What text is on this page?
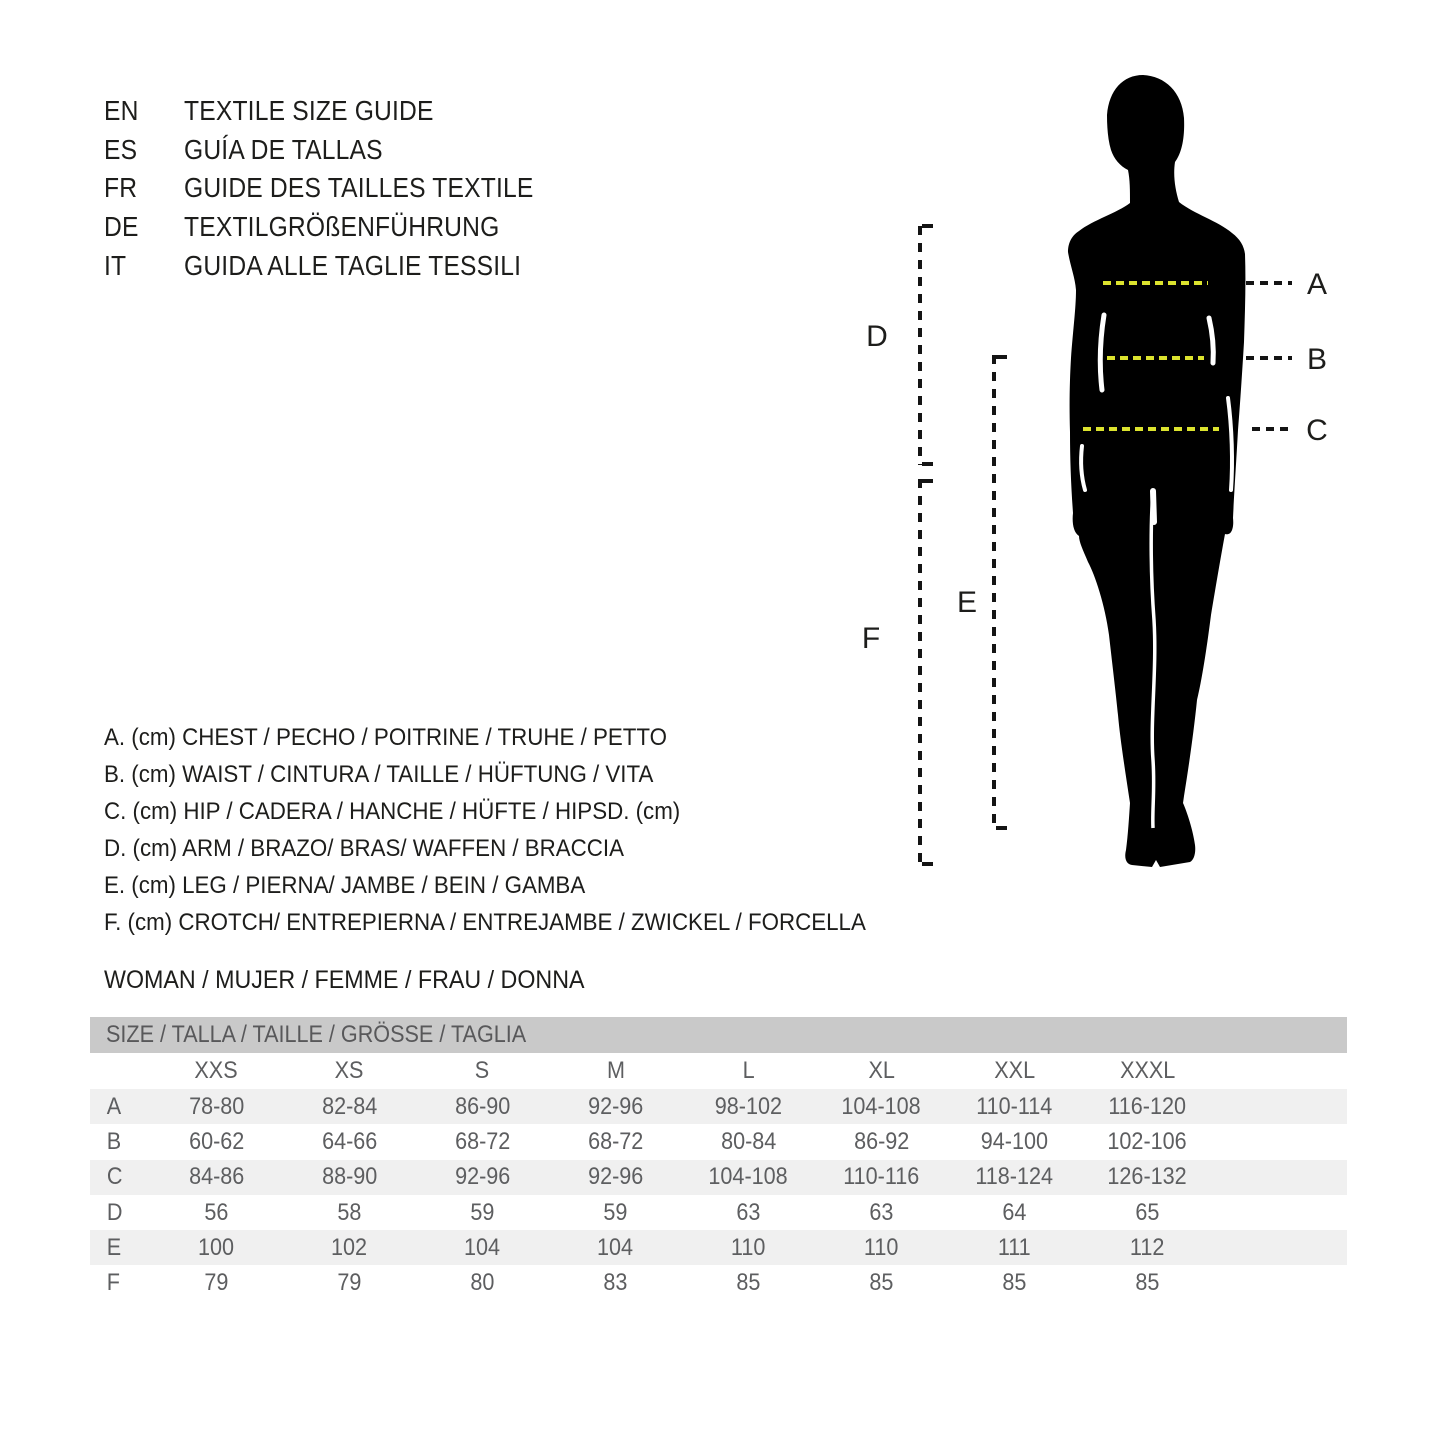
EN	TEXTILE SIZE GUIDE
ES	GUÍA DE TALLAS
FR	GUIDE DES TAILLES TEXTILE
DE	TEXTILGRÖßENFÜHRUNG
IT	GUIDA ALLE TAGLIE TESSILI
A
B
C
D
E
F
A. (cm) CHEST / PECHO / POITRINE / TRUHE / PETTO
B. (cm) WAIST / CINTURA / TAILLE / HÜFTUNG / VITA
C. (cm) HIP / CADERA / HANCHE / HÜFTE / HIPSD. (cm)
D. (cm) ARM / BRAZO/ BRAS/ WAFFEN / BRACCIA
E. (cm) LEG / PIERNA/ JAMBE / BEIN / GAMBA
F. (cm) CROTCH/ ENTREPIERNA / ENTREJAMBE / ZWICKEL / FORCELLA
WOMAN / MUJER / FEMME / FRAU / DONNA
SIZE / TALLA / TAILLE / GRÖSSE / TAGLIA
XXS	XS	S	M	L	XL	XXL	XXXL
A	78-80	82-84	86-90	92-96	98-102 104-108 110-114 116-120
B	60-62	64-66	68-72	68-72	80-84	86-92	94-100 102-106
C	84-86	88-90	92-96	92-96	104-108 110-116 118-124 126-132
D	56	58	59	59	63	63	64	65
E	100	102	104	104	110	110	111	112
F	79	79	80	83	85	85	85	85
